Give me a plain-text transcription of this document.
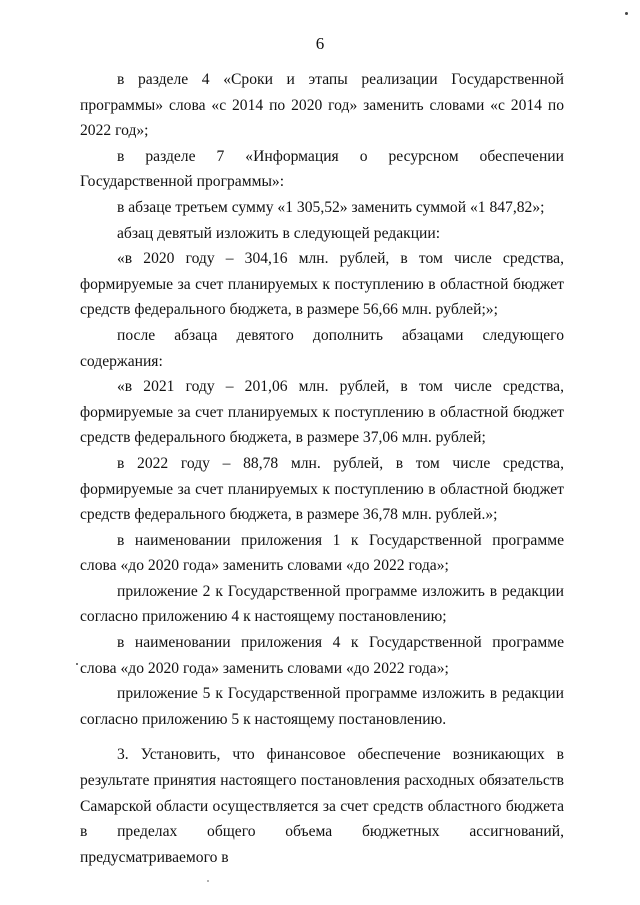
6

в разделе 4 «Сроки и этапы реализации Государственной программы» слова «с 2014 по 2020 год» заменить словами «с 2014 по 2022 год»;

в разделе 7 «Информация о ресурсном обеспечении Государственной программы»:

в абзаце третьем сумму «1 305,52» заменить суммой «1 847,82»;

абзац девятый изложить в следующей редакции:

«в 2020 году – 304,16 млн. рублей, в том числе средства, формируемые за счет планируемых к поступлению в областной бюджет средств федерального бюджета, в размере 56,66 млн. рублей;»;

после абзаца девятого дополнить абзацами следующего содержания:

«в 2021 году – 201,06 млн. рублей, в том числе средства, формируемые за счет планируемых к поступлению в областной бюджет средств федерального бюджета, в размере 37,06 млн. рублей;

в 2022 году – 88,78 млн. рублей, в том числе средства, формируемые за счет планируемых к поступлению в областной бюджет средств федерального бюджета, в размере 36,78 млн. рублей.»;

в наименовании приложения 1 к Государственной программе слова «до 2020 года» заменить словами «до 2022 года»;

приложение 2 к Государственной программе изложить в редакции согласно приложению 4 к настоящему постановлению;

в наименовании приложения 4 к Государственной программе слова «до 2020 года» заменить словами «до 2022 года»;

приложение 5 к Государственной программе изложить в редакции согласно приложению 5 к настоящему постановлению.

3. Установить, что финансовое обеспечение возникающих в результате принятия настоящего постановления расходных обязательств Самарской области осуществляется за счет средств областного бюджета в пределах общего объема бюджетных ассигнований, предусматриваемого в
